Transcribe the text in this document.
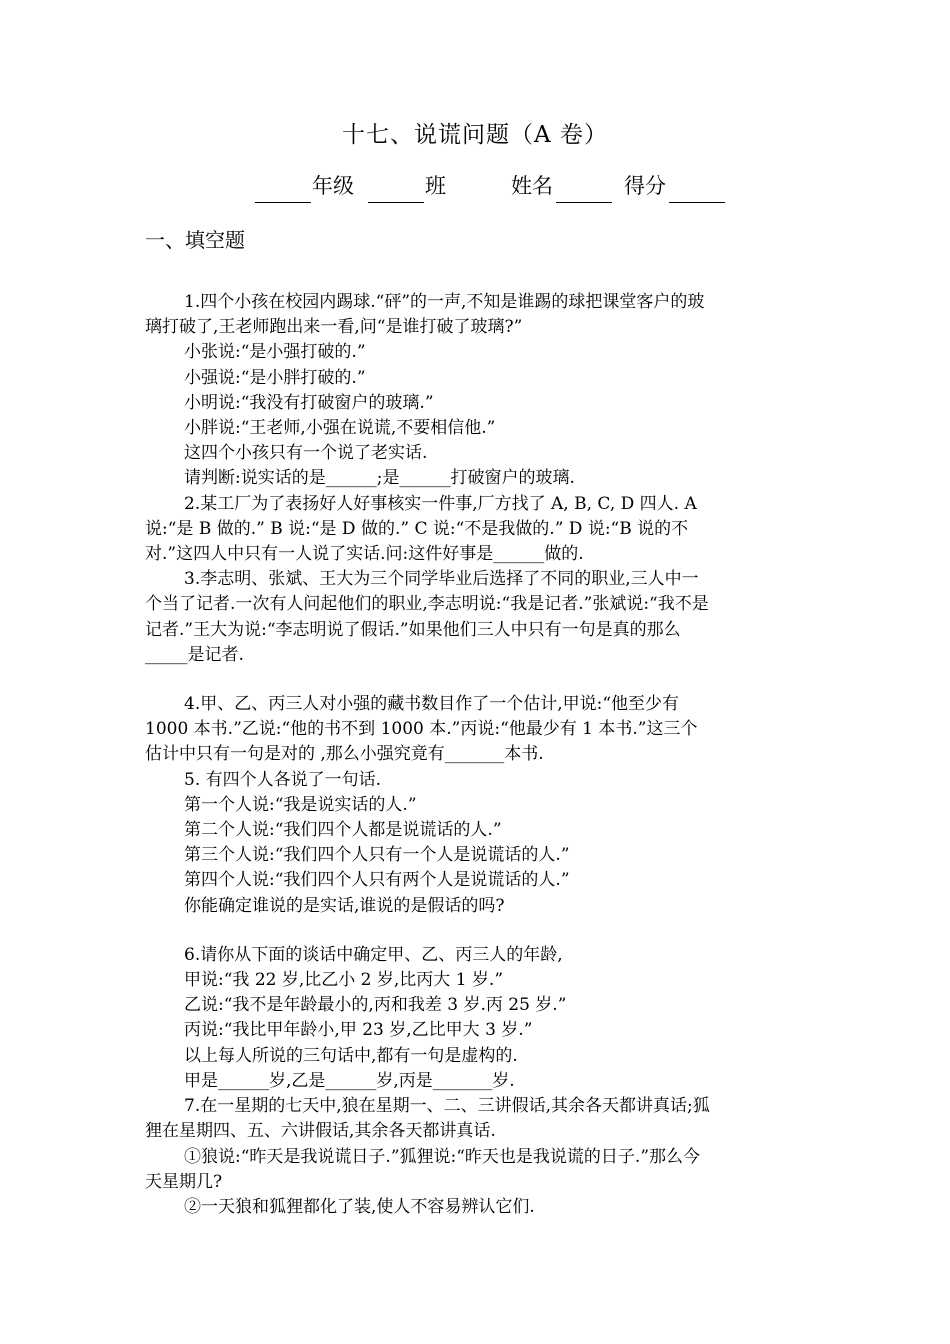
十七、说谎问题（A 卷）
年级	班	姓名	得分
一、填空题

1.四个小孩在校园内踢球.“砰”的一声,不知是谁踢的球把课堂客户的玻璃打破了,王老师跑出来一看,问“是谁打破了玻璃?”

小张说:“是小强打破的.”

小强说:“是小胖打破的.”

小明说:“我没有打破窗户的玻璃.”

小胖说:“王老师,小强在说谎,不要相信他.”

这四个小孩只有一个说了老实话.

请判断:说实话的是______;是______打破窗户的玻璃.

2.某工厂为了表扬好人好事核实一件事,厂方找了 A, B, C, D 四人. A 说:“是 B 做的.” B 说:“是 D 做的.” C 说:“不是我做的.” D 说:“B 说的不对.”这四人中只有一人说了实话.问:这件好事是______做的.

3.李志明、张斌、王大为三个同学毕业后选择了不同的职业,三人中一个当了记者.一次有人问起他们的职业,李志明说:“我是记者.”张斌说:“我不是记者.”王大为说:“李志明说了假话.”如果他们三人中只有一句是真的那么_____是记者.

4.甲、乙、丙三人对小强的藏书数目作了一个估计,甲说:“他至少有 1000 本书.”乙说:“他的书不到 1000 本.”丙说:“他最少有 1 本书.”这三个估计中只有一句是对的 ,那么小强究竟有_______本书.

5. 有四个人各说了一句话.

第一个人说:“我是说实话的人.”

第二个人说:“我们四个人都是说谎话的人.”

第三个人说:“我们四个人只有一个人是说谎话的人.”

第四个人说:“我们四个人只有两个人是说谎话的人.”

你能确定谁说的是实话,谁说的是假话的吗?

6.请你从下面的谈话中确定甲、乙、丙三人的年龄,

甲说:“我 22 岁,比乙小 2 岁,比丙大 1 岁.”

乙说:“我不是年龄最小的,丙和我差 3 岁.丙 25 岁.”

丙说:“我比甲年龄小,甲 23 岁,乙比甲大 3 岁.”

以上每人所说的三句话中,都有一句是虚构的.

甲是______岁,乙是______岁,丙是_______岁.

7.在一星期的七天中,狼在星期一、二、三讲假话,其余各天都讲真话;狐狸在星期四、五、六讲假话,其余各天都讲真话.

①狼说:“昨天是我说谎日子.”狐狸说:“昨天也是我说谎的日子.”那么今天星期几?

②一天狼和狐狸都化了装,使人不容易辨认它们.
